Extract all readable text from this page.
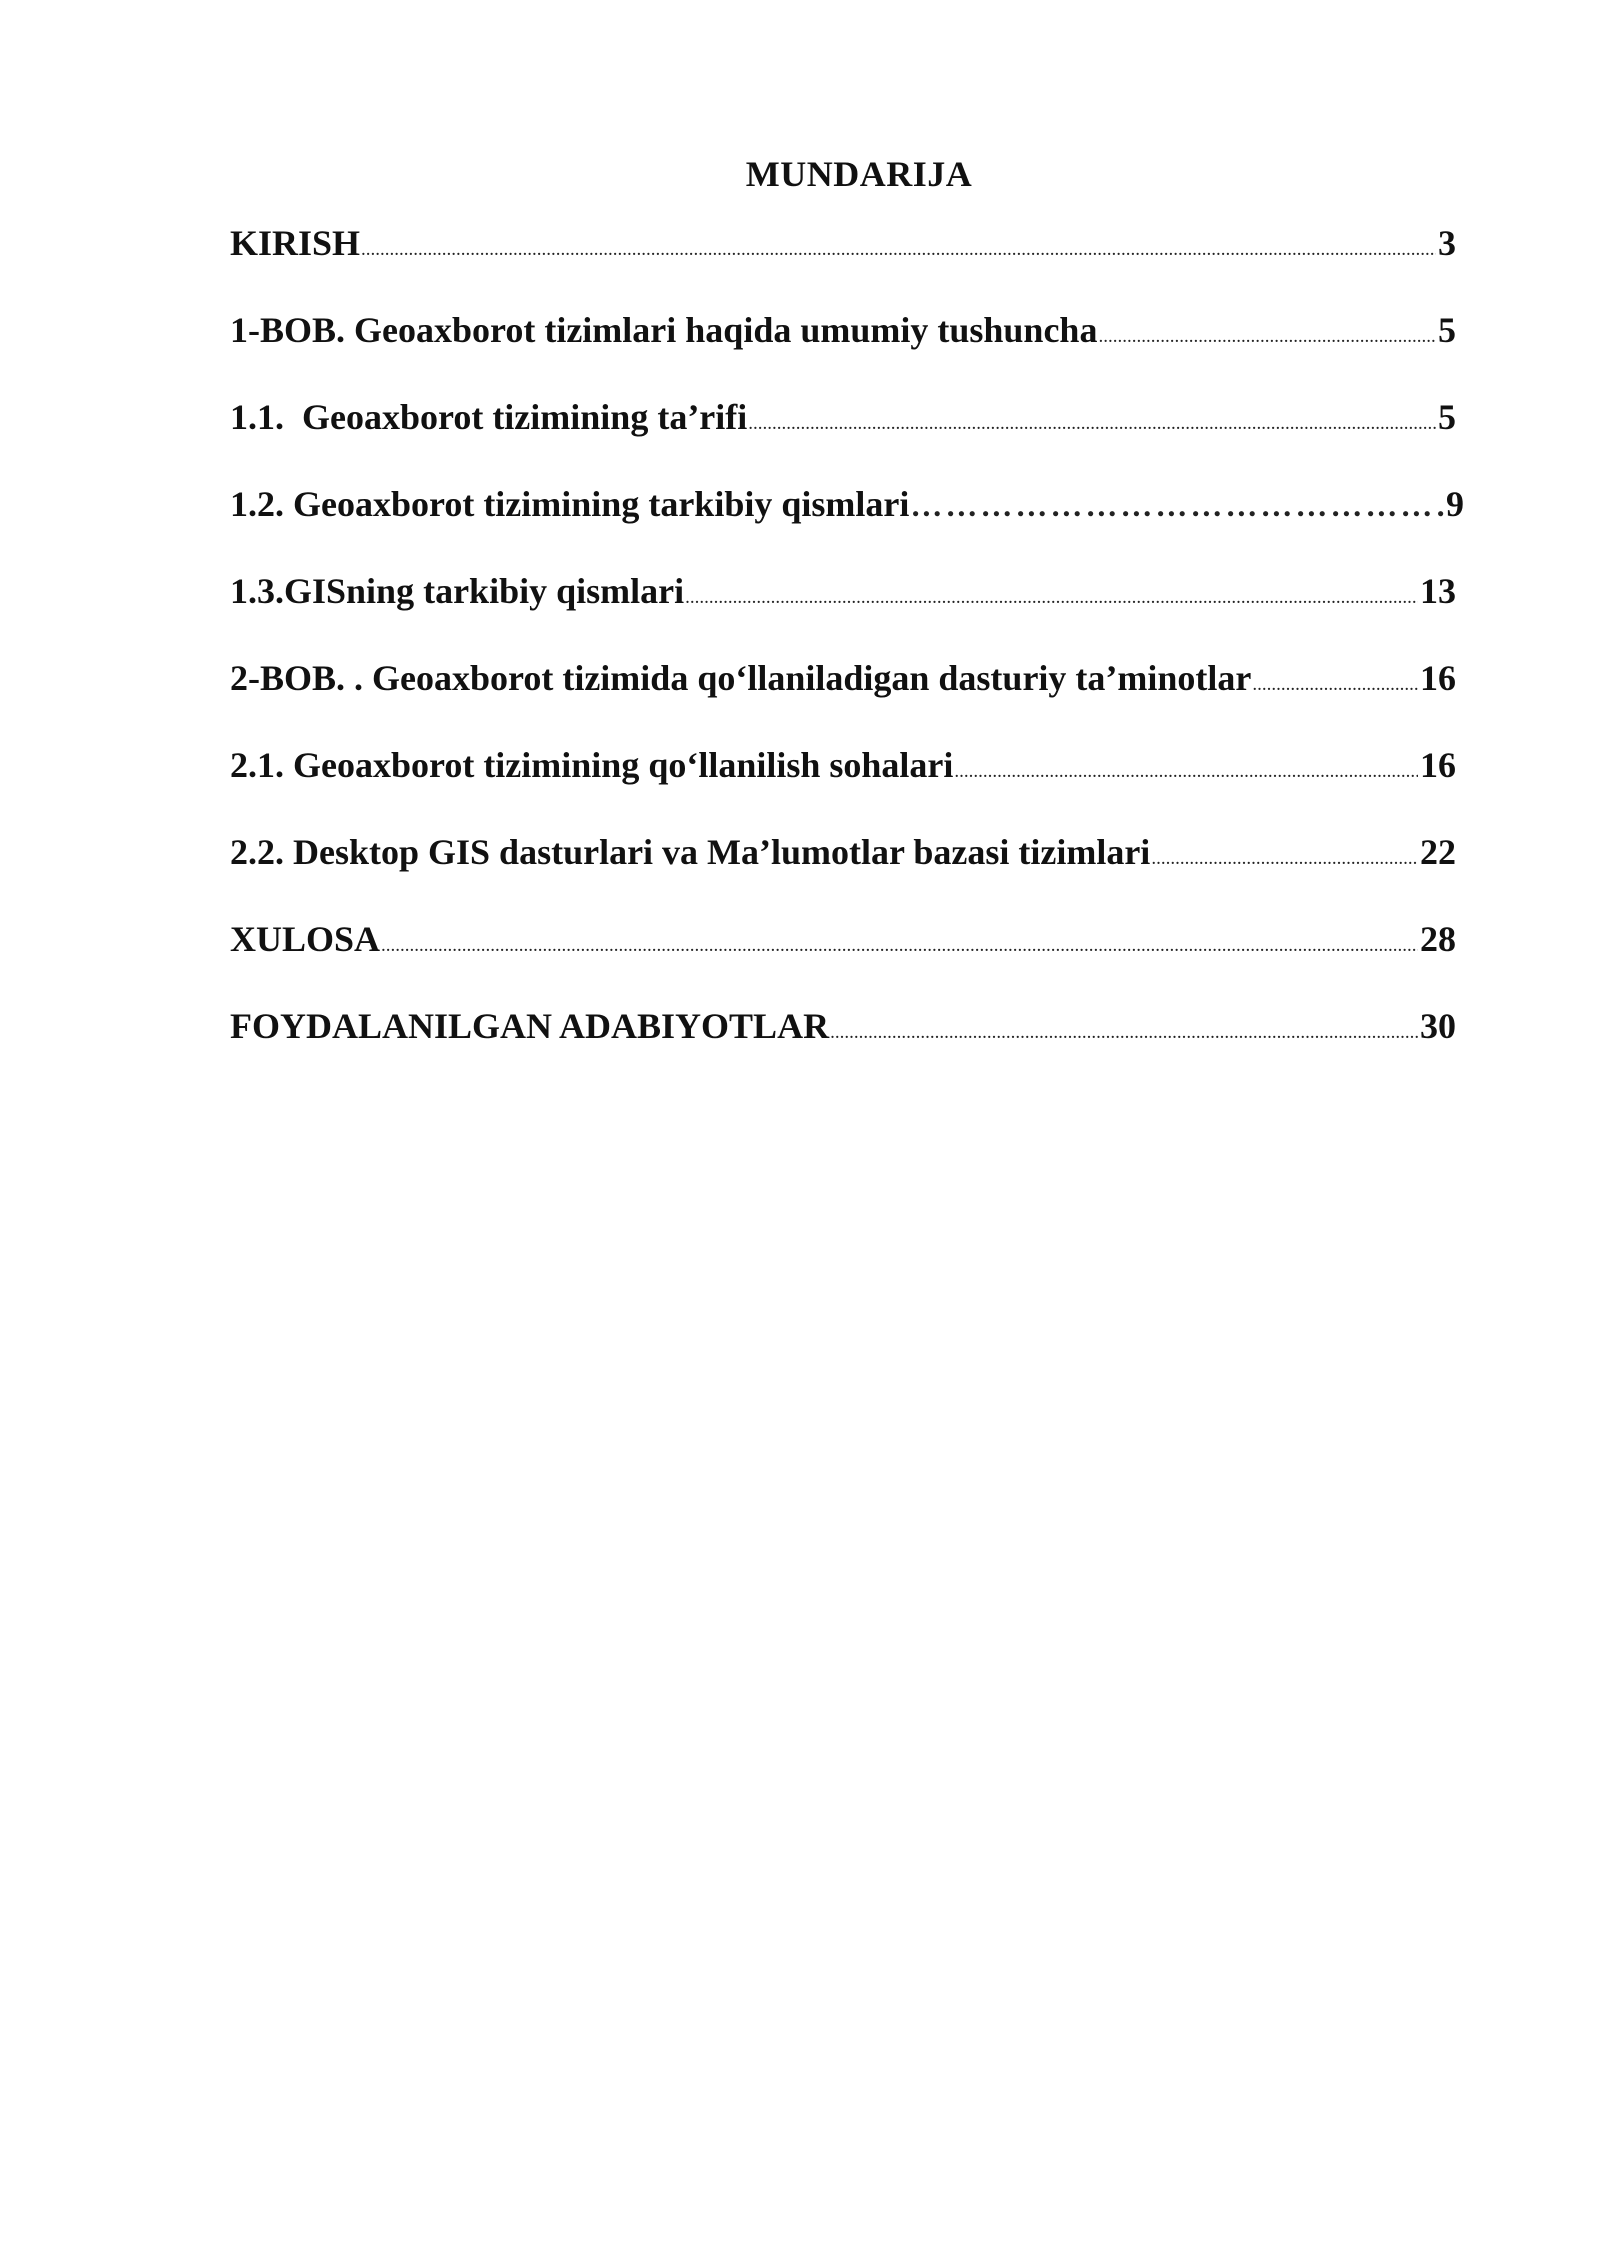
MUNDARIJA
KIRISH .....	3
1-BOB. Geoaxborot tizimlari haqida umumiy tushuncha .....	5
1.1.  Geoaxborot tizimining ta’rifi .....	5
1.2. Geoaxborot tizimining tarkibiy qismlari ……………………………………………………………………………………………………………………………………………………	9
1.3.GISning tarkibiy qismlari .....	13
2-BOB. . Geoaxborot tizimida qo‘llaniladigan dasturiy ta’minotlar .....	16
2.1. Geoaxborot tizimining qo‘llanilish sohalari .....	16
2.2. Desktop GIS dasturlari va Ma’lumotlar bazasi tizimlari .....	22
XULOSA .....	28
FOYDALANILGAN ADABIYOTLAR .....	30
